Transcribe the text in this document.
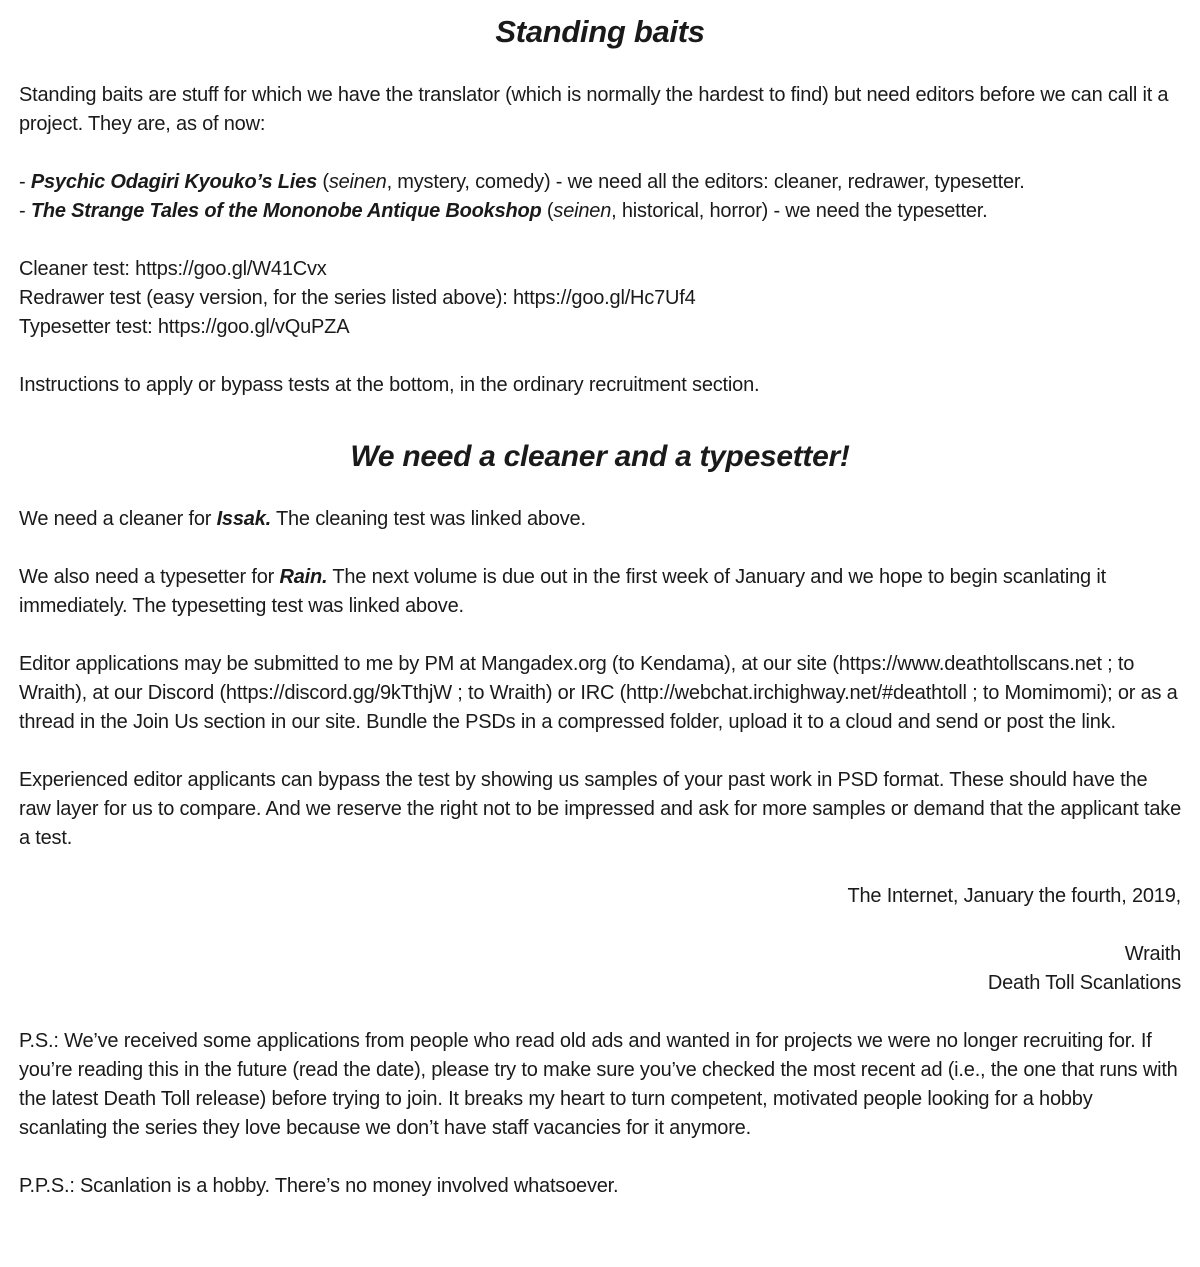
Standing baits

Standing baits are stuff for which we have the translator (which is normally the hardest to find) but need editors before we can call it a project. They are, as of now:

- Psychic Odagiri Kyouko’s Lies (seinen, mystery, comedy) - we need all the editors: cleaner, redrawer, typesetter.
- The Strange Tales of the Mononobe Antique Bookshop (seinen, historical, horror) - we need the typesetter.
Cleaner test: https://goo.gl/W41Cvx
Redrawer test (easy version, for the series listed above): https://goo.gl/Hc7Uf4
Typesetter test: https://goo.gl/vQuPZA

Instructions to apply or bypass tests at the bottom, in the ordinary recruitment section.

We need a cleaner and a typesetter!

We need a cleaner for Issak. The cleaning test was linked above.

We also need a typesetter for Rain. The next volume is due out in the first week of January and we hope to begin scanlating it immediately. The typesetting test was linked above.

Editor applications may be submitted to me by PM at Mangadex.org (to Kendama), at our site (https://www.deathtollscans.net ; to Wraith), at our Discord (https://discord.gg/9kTthjW ; to Wraith) or IRC (http://webchat.irchighway.net/#deathtoll ; to Momimomi); or as a thread in the Join Us section in our site. Bundle the PSDs in a compressed folder, upload it to a cloud and send or post the link.

Experienced editor applicants can bypass the test by showing us samples of your past work in PSD format. These should have the raw layer for us to compare. And we reserve the right not to be impressed and ask for more samples or demand that the applicant take a test.

The Internet, January the fourth, 2019,

Wraith
Death Toll Scanlations

P.S.: We’ve received some applications from people who read old ads and wanted in for projects we were no longer recruiting for. If you’re reading this in the future (read the date), please try to make sure you’ve checked the most recent ad (i.e., the one that runs with the latest Death Toll release) before trying to join. It breaks my heart to turn competent, motivated people looking for a hobby scanlating the series they love because we don’t have staff vacancies for it anymore.

P.P.S.: Scanlation is a hobby. There’s no money involved whatsoever.
